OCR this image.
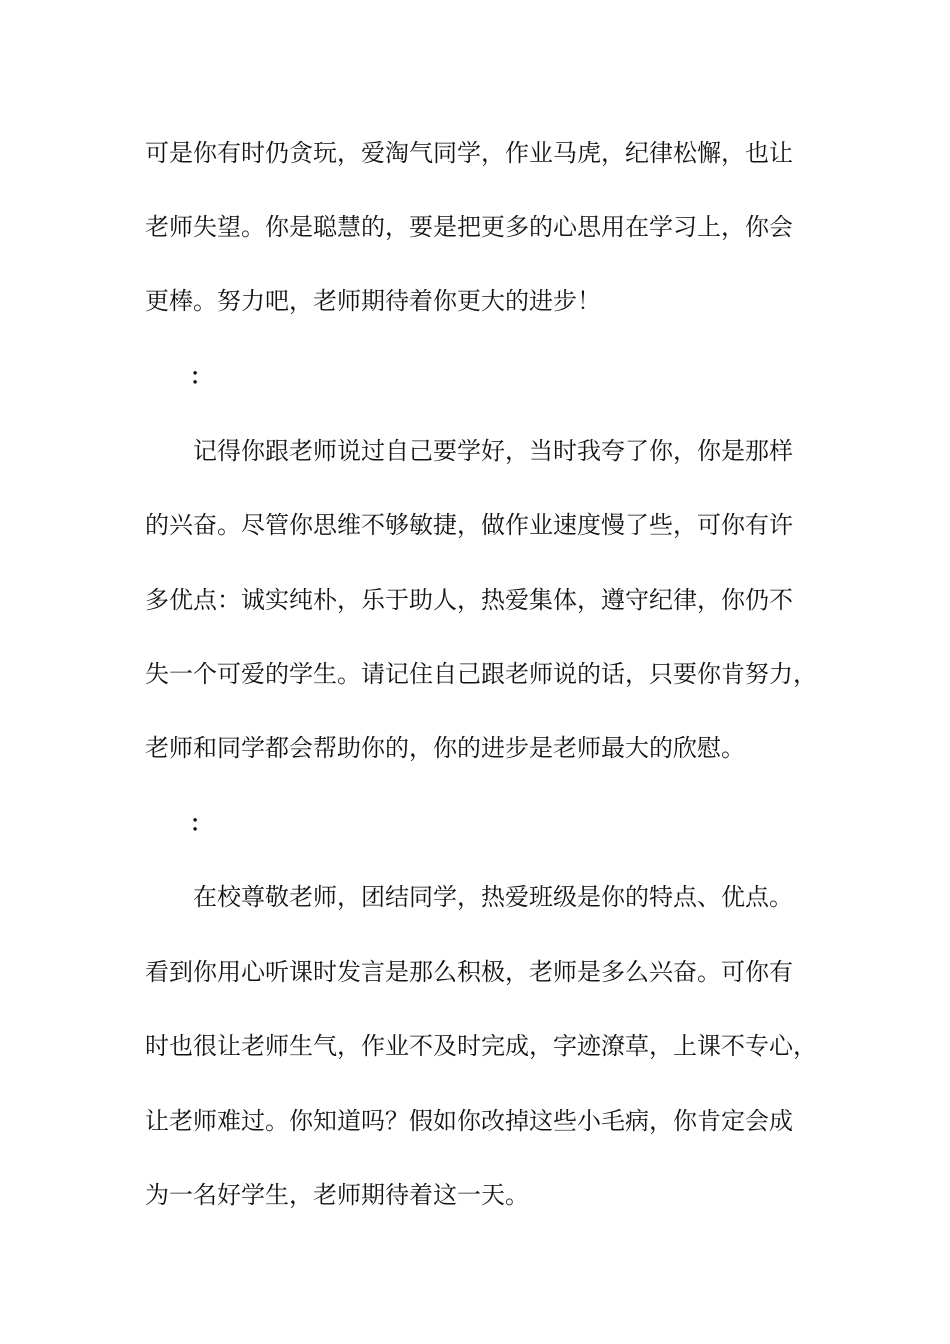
可是你有时仍贪玩，爱淘气同学，作业马虎，纪律松懈，也让
老师失望。你是聪慧的，要是把更多的心思用在学习上，你会
更棒。努力吧，老师期待着你更大的进步！
：
记得你跟老师说过自己要学好，当时我夸了你，你是那样
的兴奋。尽管你思维不够敏捷，做作业速度慢了些，可你有许
多优点：诚实纯朴，乐于助人，热爱集体，遵守纪律，你仍不
失一个可爱的学生。请记住自己跟老师说的话，只要你肯努力，
老师和同学都会帮助你的，你的进步是老师最大的欣慰。
：
在校尊敬老师，团结同学，热爱班级是你的特点、优点。
看到你用心听课时发言是那么积极，老师是多么兴奋。可你有
时也很让老师生气，作业不及时完成，字迹潦草，上课不专心，
让老师难过。你知道吗？假如你改掉这些小毛病，你肯定会成
为一名好学生，老师期待着这一天。
